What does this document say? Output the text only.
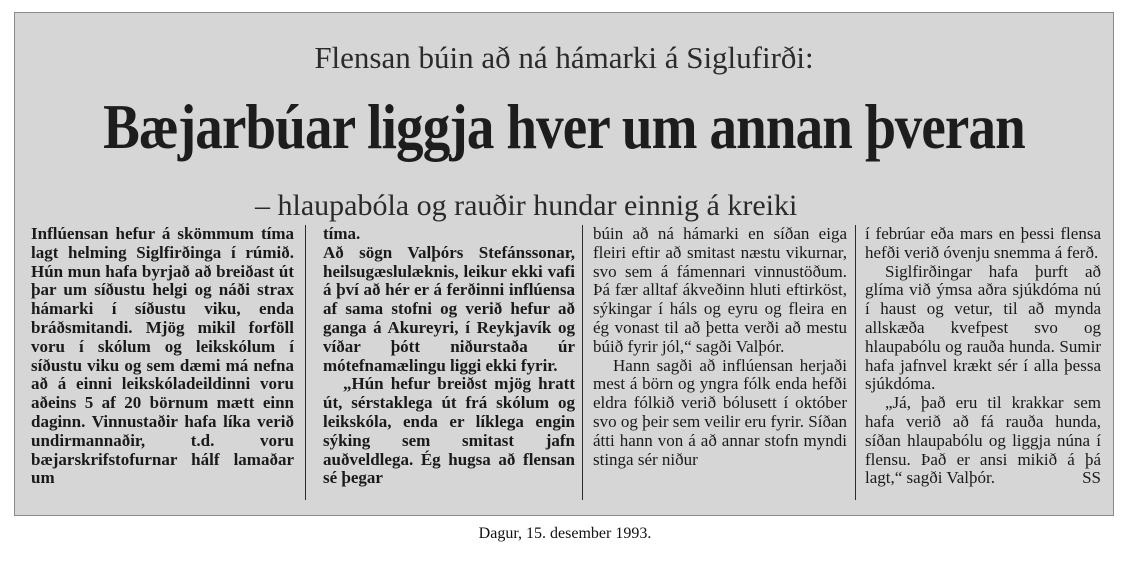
Flensan búin að ná hámarki á Siglufirði:
Bæjarbúar liggja hver um annan þveran
– hlaupabóla og rauðir hundar einnig á kreiki

Inflúensan hefur á skömmum tíma lagt helming Siglfirðinga í rúmið. Hún mun hafa byrjað að breiðast út þar um síðustu helgi og náði strax hámarki í síðustu viku, enda bráðsmitandi. Mjög mikil forföll voru í skólum og leikskólum í síðustu viku og sem dæmi má nefna að á einni leikskóladeildinni voru aðeins 5 af 20 börnum mætt einn daginn. Vinnustaðir hafa líka verið undirmannaðir, t.d. voru bæjarskrifstofurnar hálf lamaðar um

tíma.

Að sögn Valþórs Stefánssonar, heilsugæslulæknis, leikur ekki vafi á því að hér er á ferðinni inflúensa af sama stofni og verið hefur að ganga á Akureyri, í Reykjavík og víðar þótt niðurstaða úr mótefnamælingu liggi ekki fyrir.

„Hún hefur breiðst mjög hratt út, sérstaklega út frá skólum og leikskóla, enda er líklega engin sýking sem smitast jafn auðveldlega. Ég hugsa að flensan sé þegar

búin að ná hámarki en síðan eiga fleiri eftir að smitast næstu vikurnar, svo sem á fámennari vinnustöðum. Þá fær alltaf ákveðinn hluti eftirköst, sýkingar í háls og eyru og fleira en ég vonast til að þetta verði að mestu búið fyrir jól,“ sagði Valþór.

Hann sagði að inflúensan herjaði mest á börn og yngra fólk enda hefði eldra fólkið verið bólusett í október svo og þeir sem veilir eru fyrir. Síðan átti hann von á að annar stofn myndi stinga sér niður

í febrúar eða mars en þessi flensa hefði verið óvenju snemma á ferð.

Siglfirðingar hafa þurft að glíma við ýmsa aðra sjúkdóma nú í haust og vetur, til að mynda allskæða kvefpest svo og hlaupabólu og rauða hunda. Sumir hafa jafnvel krækt sér í alla þessa sjúkdóma.

„Já, það eru til krakkar sem hafa verið að fá rauða hunda, síðan hlaupabólu og liggja núna í flensu. Það er ansi mikið á þá lagt,“ sagði Valþór.	SS

Dagur, 15. desember 1993.
